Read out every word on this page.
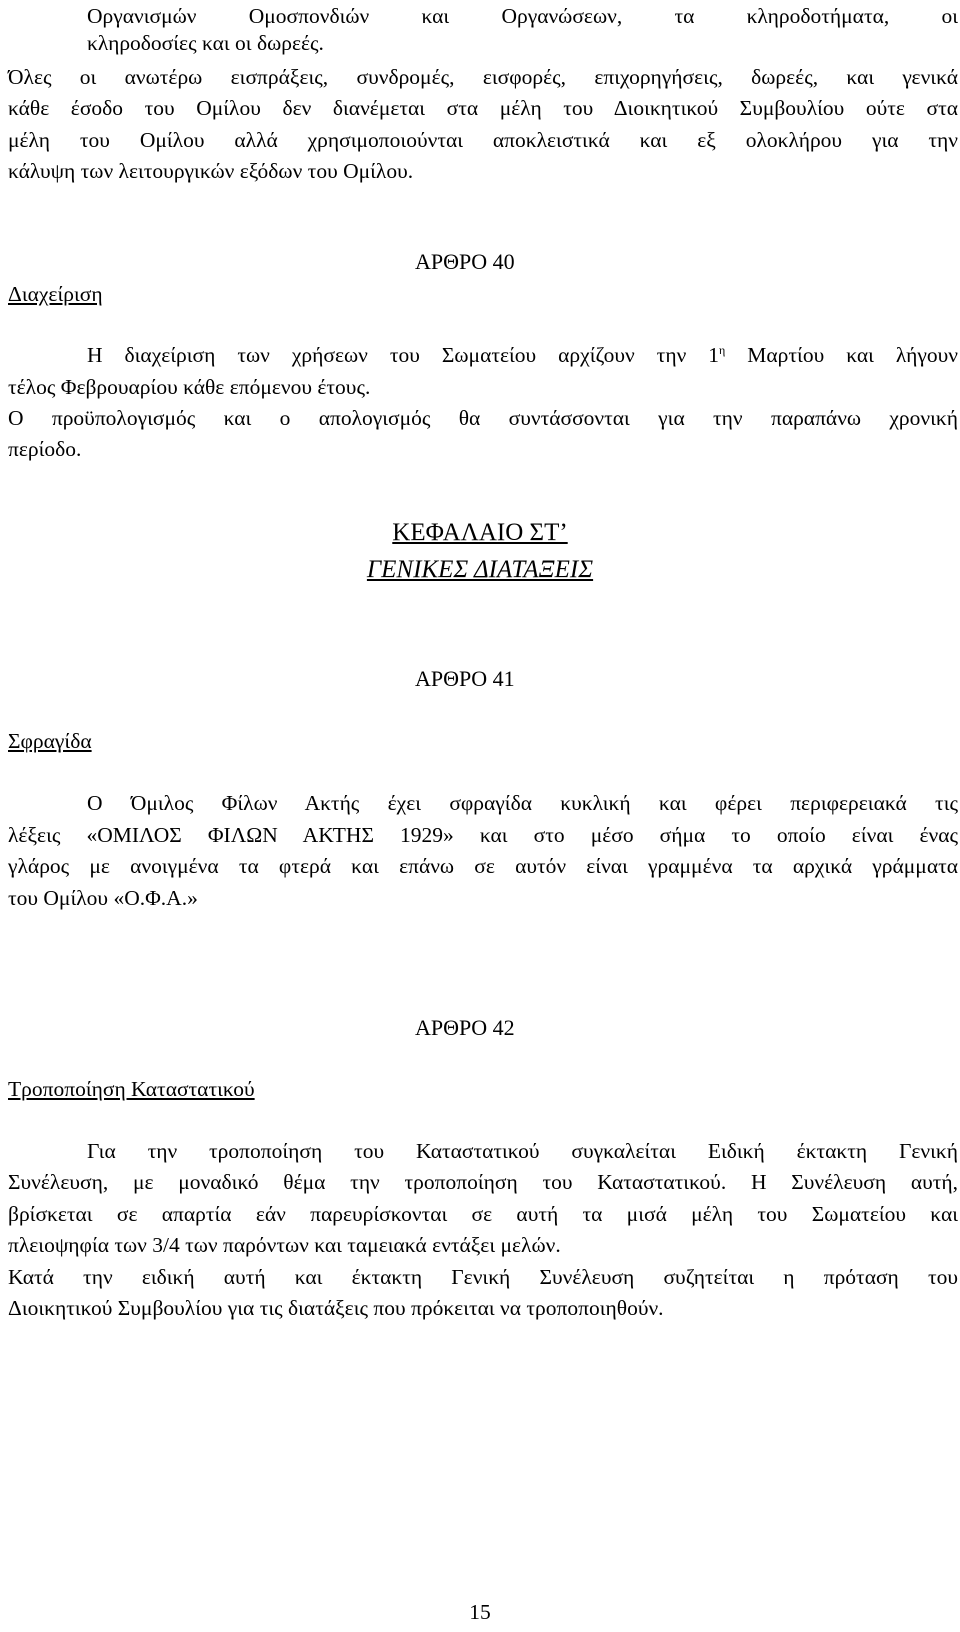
Οργανισμών Ομοσπονδιών και Οργανώσεων, τα κληροδοτήματα, οι

κληροδοσίες και οι δωρεές.

Όλες οι ανωτέρω εισπράξεις, συνδρομές, εισφορές, επιχορηγήσεις, δωρεές, και γενικά

κάθε έσοδο του Ομίλου δεν διανέμεται στα μέλη του Διοικητικού Συμβουλίου ούτε στα

μέλη του Ομίλου αλλά χρησιμοποιούνται αποκλειστικά και εξ ολοκλήρου για την

κάλυψη των λειτουργικών εξόδων του Ομίλου.

ΑΡΘΡΟ 40
Διαχείριση

Η διαχείριση των χρήσεων του Σωματείου αρχίζουν την $1^\eta$ Μαρτίου και λήγουν

τέλος Φεβρουαρίου κάθε επόμενου έτους.

Ο προϋπολογισμός και ο απολογισμός θα συντάσσονται για την παραπάνω χρονική

περίοδο.

ΚΕΦΑΛΑΙΟ ΣΤ’
ΓΕΝΙΚΕΣ ΔΙΑΤΑΞΕΙΣ
ΑΡΘΡΟ 41
Σφραγίδα

Ο Όμιλος Φίλων Ακτής έχει σφραγίδα κυκλική και φέρει περιφερειακά τις

λέξεις «ΟΜΙΛΟΣ ΦΙΛΩΝ ΑΚΤΗΣ 1929» και στο μέσο σήμα το οποίο είναι ένας

γλάρος με ανοιγμένα τα φτερά και επάνω σε αυτόν είναι γραμμένα τα αρχικά γράμματα

του Ομίλου «Ο.Φ.Α.»

ΑΡΘΡΟ 42
Τροποποίηση Καταστατικού

Για την τροποποίηση του Καταστατικού συγκαλείται Ειδική έκτακτη Γενική

Συνέλευση, με μοναδικό θέμα την τροποποίηση του Καταστατικού. Η Συνέλευση αυτή,

βρίσκεται σε απαρτία εάν παρευρίσκονται σε αυτή τα μισά μέλη του Σωματείου και

πλειοψηφία των 3/4 των παρόντων και ταμειακά εντάξει μελών.

Κατά την ειδική αυτή και έκτακτη Γενική Συνέλευση συζητείται η πρόταση του

Διοικητικού Συμβουλίου για τις διατάξεις που πρόκειται να τροποποιηθούν.

15
